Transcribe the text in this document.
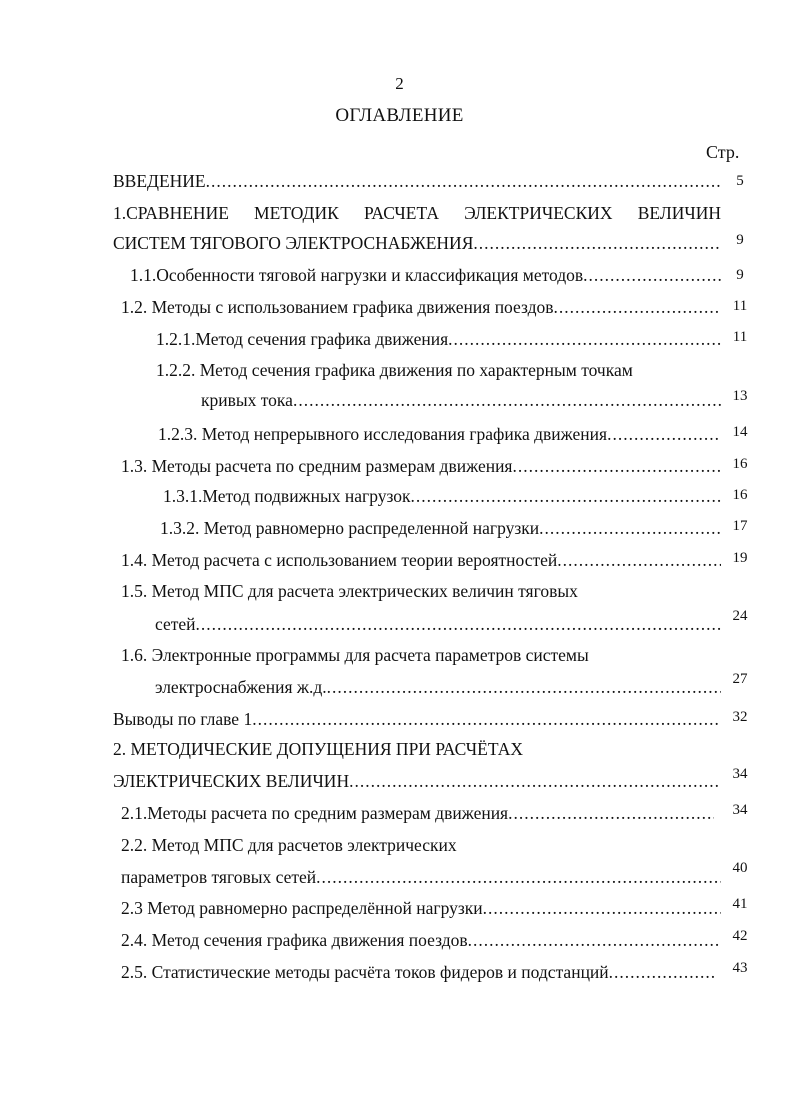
2
ОГЛАВЛЕНИЕ
Стр.
ВВЕДЕНИЕ .....	5
1.СРАВНЕНИЕ МЕТОДИК РАСЧЕТА ЭЛЕКТРИЧЕСКИХ ВЕЛИЧИН
СИСТЕМ ТЯГОВОГО ЭЛЕКТРОСНАБЖЕНИЯ .....	9
1.1.Особенности тяговой нагрузки и классификация методов .....	9
1.2. Методы с использованием графика движения поездов .....	11
1.2.1.Метод сечения графика движения .....	11
1.2.2. Метод сечения графика движения по характерным точкам
кривых тока .....	13
1.2.3. Метод непрерывного исследования графика движения .....	14
1.3. Методы расчета по средним размерам движения .....	16
1.3.1.Метод подвижных нагрузок .....	16
1.3.2. Метод равномерно распределенной нагрузки .....	17
1.4. Метод расчета с использованием теории вероятностей .....	19
1.5. Метод МПС для расчета электрических величин тяговых
сетей .....	24
1.6. Электронные программы для расчета параметров системы
электроснабжения ж.д. .....	27
Выводы по главе 1 .....	32
2. МЕТОДИЧЕСКИЕ ДОПУЩЕНИЯ ПРИ РАСЧЁТАХ
ЭЛЕКТРИЧЕСКИХ ВЕЛИЧИН .....	34
2.1.Методы расчета по средним размерам движения .....	34
2.2. Метод МПС для расчетов электрических
параметров тяговых сетей .....	40
2.3 Метод равномерно распределённой нагрузки .....	41
2.4. Метод сечения графика движения поездов .....	42
2.5. Статистические методы расчёта токов фидеров и подстанций .....	43
